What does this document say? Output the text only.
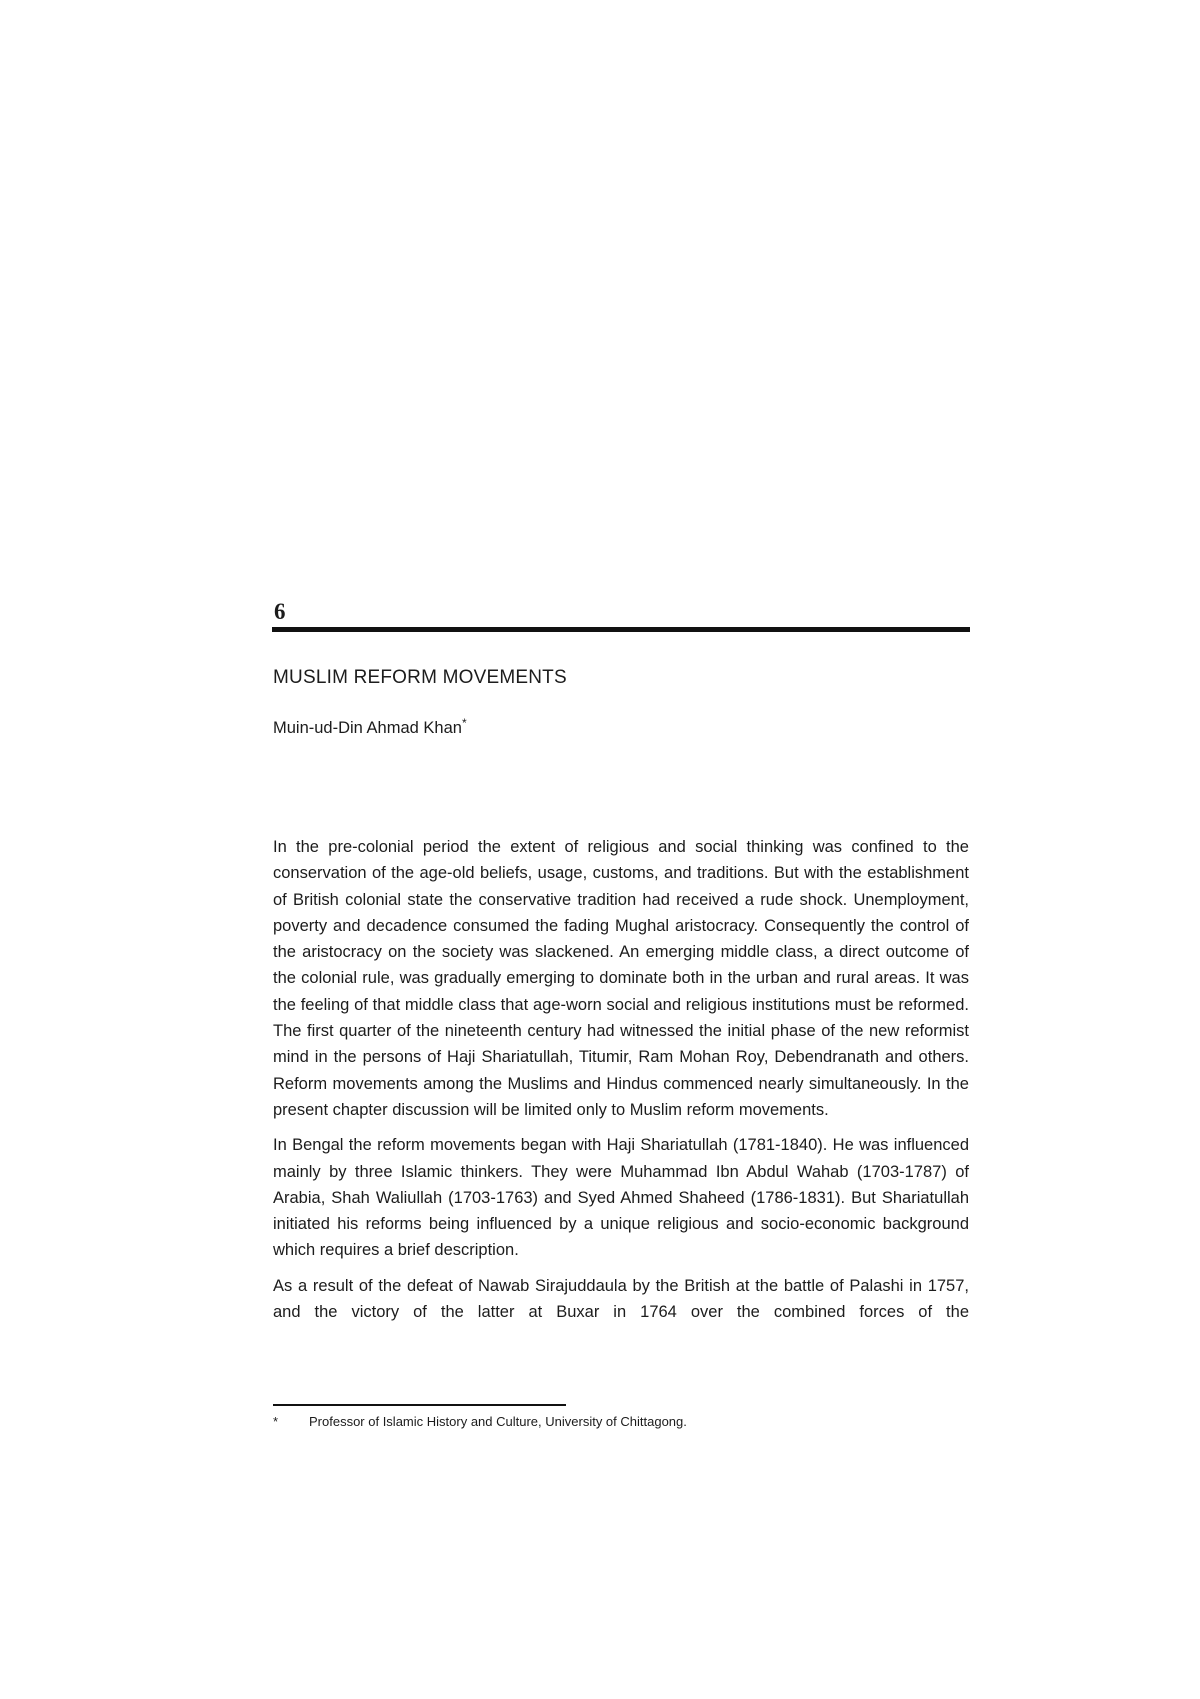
6
MUSLIM REFORM MOVEMENTS
Muin-ud-Din Ahmad Khan*

In the pre-colonial period the extent of religious and social thinking was confined to the conservation of the age-old beliefs, usage, customs, and traditions. But with the establishment of British colonial state the conservative tradition had received a rude shock. Unemployment, poverty and decadence consumed the fading Mughal aristocracy. Consequently the control of the aristocracy on the society was slackened. An emerging middle class, a direct outcome of the colonial rule, was gradually emerging to dominate both in the urban and rural areas. It was the feeling of that middle class that age-worn social and religious institutions must be reformed. The first quarter of the nineteenth century had witnessed the initial phase of the new reformist mind in the persons of Haji Shariatullah, Titumir, Ram Mohan Roy, Debendranath and others. Reform movements among the Muslims and Hindus commenced nearly simultaneously. In the present chapter discussion will be limited only to Muslim reform movements.

In Bengal the reform movements began with Haji Shariatullah (1781-1840). He was influenced mainly by three Islamic thinkers. They were Muhammad Ibn Abdul Wahab (1703-1787) of Arabia, Shah Waliullah (1703-1763) and Syed Ahmed Shaheed (1786-1831). But Shariatullah initiated his reforms being influenced by a unique religious and socio-economic background which requires a brief description.

As a result of the defeat of Nawab Sirajuddaula by the British at the battle of Palashi in 1757, and the victory of the latter at Buxar in 1764 over the combined forces of the

* Professor of Islamic History and Culture, University of Chittagong.
